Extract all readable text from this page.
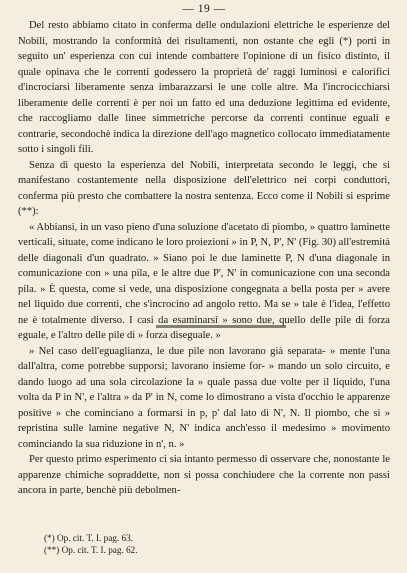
— 19 —

Del resto abbiamo citato in conferma delle ondulazioni elettriche le esperienze del Nobili, mostrando la conformità dei risultamenti, non ostante che egli (*) porti in seguito un' esperienza con cui intende combattere l'opinione di un fisico distinto, il quale opinava che le correnti godessero la proprietà de' raggi luminosi e calorifici d'incrociarsi liberamente senza imbarazzarsi le une colle altre. Ma l'incrocicchiarsi liberamente delle correnti è per noi un fatto ed una deduzione legittima ed evidente, che raccogliamo dalle linee simmetriche percorse da correnti continue eguali e contrarie, secondochè indica la direzione dell'ago magnetico collocato immediatamente sotto i singoli fili.

Senza di questo la esperienza del Nobili, interpretata secondo le leggi, che si manifestano costantemente nella disposizione dell'elettrico nei corpi conduttori, conferma più presto che combattere la nostra sentenza. Ecco come il Nobili si esprime (**):

« Abbiansi, in un vaso pieno d'una soluzione d'acetato di piombo, » quattro laminette verticali, situate, come indicano le loro proiezioni » in P, N, P', N' (Fig. 30) all'estremità delle diagonali d'un quadrato. » Siano poi le due laminette P, N d'una diagonale in comunicazione con » una pila, e le altre due P', N' in comunicazione con una seconda pila. » È questa, come si vede, una disposizione congegnata a bella posta per » avere nel liquido due correnti, che s'incrocino ad angolo retto. Ma se » tale è l'idea, l'effetto ne è totalmente diverso. I casi da esaminarsi » sono due, quello delle pile di forza eguale, e l'altro delle pile di » forza diseguale. »

» Nel caso dell'eguaglianza, le due pile non lavorano già separata- » mente l'una dall'altra, come potrebbe supporsi; lavorano insieme for- » mando un solo circuito, e dando luogo ad una sola circolazione la » quale passa due volte per il liquido, l'una volta da P in N', e l'altra » da P' in N, come lo dimostrano a vista d'occhio le apparenze positive » che cominciano a formarsi in p, p' dal lato di N', N. Il piombo, che si » repristina sulle lamine negative N, N' indica anch'esso il medesimo » movimento cominciando la sua riduzione in n', n. »

Per questo primo esperimento ci sia intanto permesso di osservare che, nonostante le apparenze chimiche sopraddette, non si possa conchiudere che la corrente non passi ancora in parte, benchè più debolmen-

(*) Op. cit. T. I. pag. 63.
(**) Op. cit. T. I. pag. 62.
